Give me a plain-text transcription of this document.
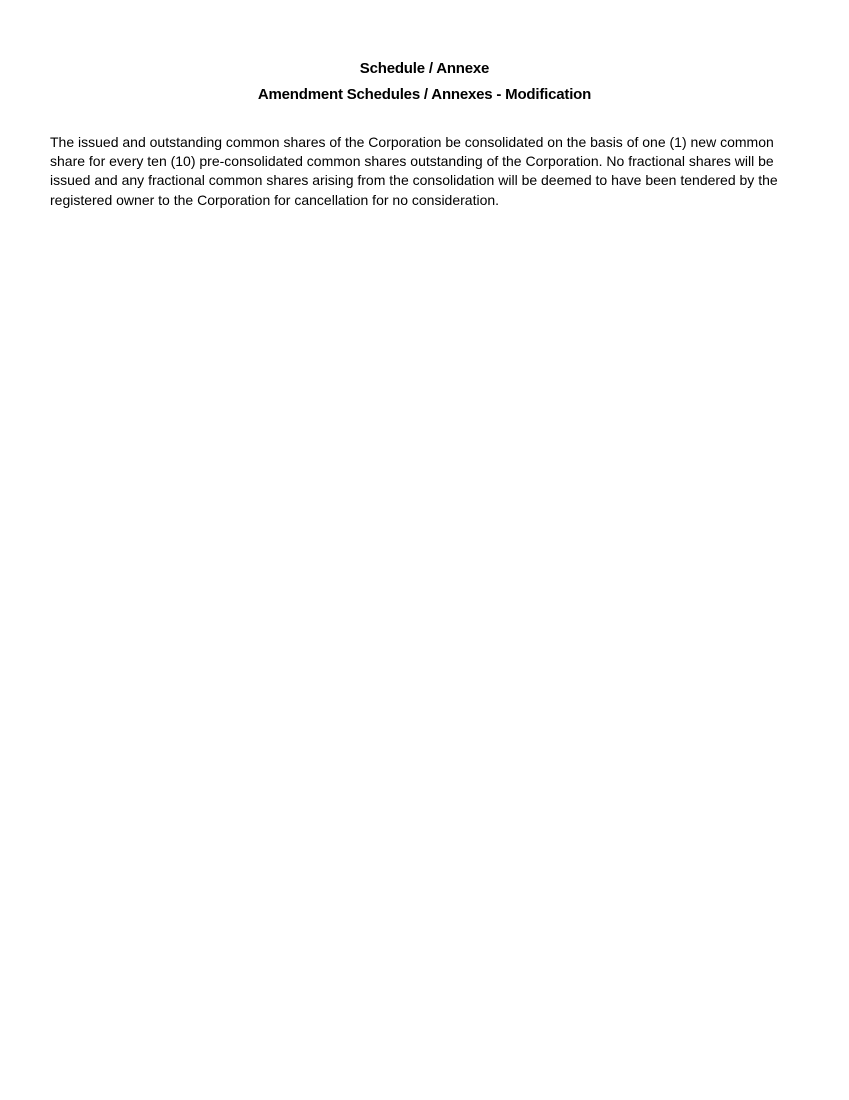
Schedule / Annexe
Amendment Schedules / Annexes - Modification

The issued and outstanding common shares of the Corporation be consolidated on the basis of one (1) new common share for every ten (10) pre-consolidated common shares outstanding of the Corporation. No fractional shares will be issued and any fractional common shares arising from the consolidation will be deemed to have been tendered by the registered owner to the Corporation for cancellation for no consideration.
